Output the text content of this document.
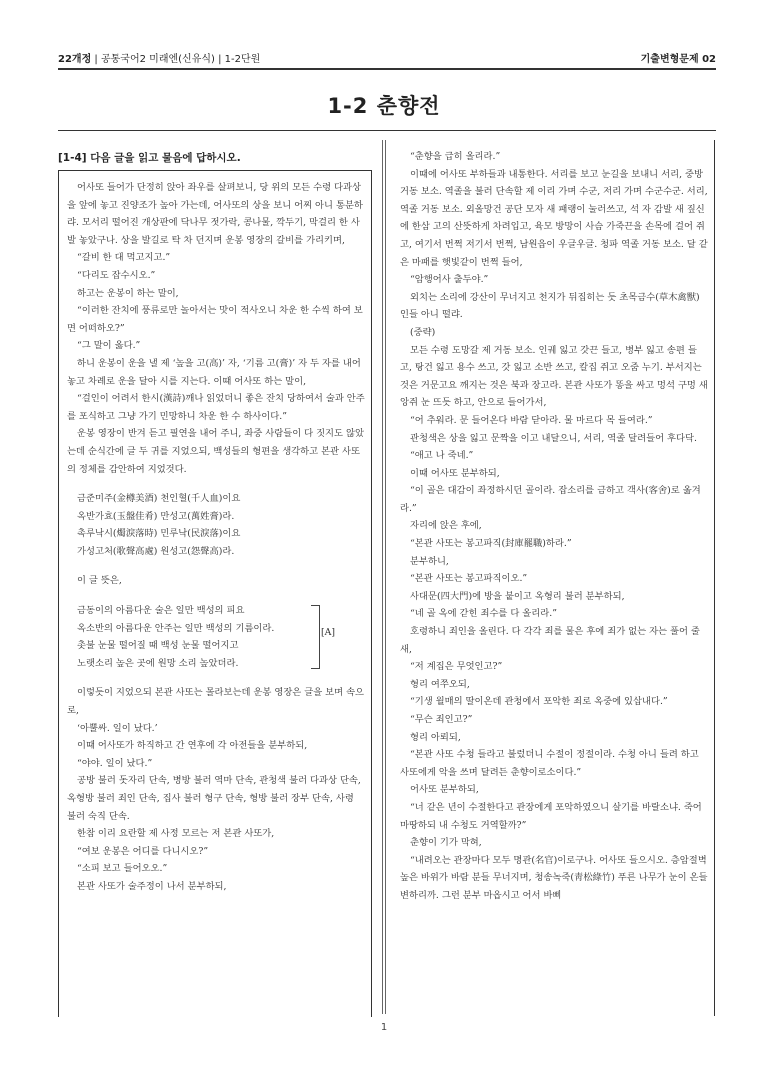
22개정 | 공통국어2 미래엔(신유식) | 1-2단원	기출변형문제 02
1-2 춘향전
[1-4] 다음 글을 읽고 물음에 답하시오.

어사또 들어가 단정히 앉아 좌우를 살펴보니, 당 위의 모든 수령 다과상을 앞에 놓고 진양조가 높아 가는데, 어사또의 상을 보니 어찌 아니 통분하랴. 모서리 떨어진 개상판에 닥나무 젓가락, 콩나물, 깍두기, 막걸리 한 사발 놓았구나. 상을 발길로 탁 차 던지며 운봉 영장의 갈비를 가리키며,

“갈비 한 대 먹고지고.”

“다리도 잡수시오.”

하고는 운봉이 하는 말이,

“이러한 잔치에 풍류로만 놀아서는 맛이 적사오니 차운 한 수씩 하여 보면 어떠하오?”

“그 말이 옳다.”

하니 운봉이 운을 낼 제 ‘높을 고(高)’ 자, ‘기름 고(膏)’ 자 두 자를 내어 놓고 차례로 운을 달아 시를 지는다. 이때 어사또 하는 말이,

“걸인이 어려서 한시(漢詩)깨나 읽었더니 좋은 잔치 당하여서 술과 안주를 포식하고 그냥 가기 민망하니 차운 한 수 하사이다.”

운봉 영장이 반겨 듣고 필연을 내어 주니, 좌중 사람들이 다 짓지도 않았는데 순식간에 글 두 귀를 지었으되, 백성들의 형편을 생각하고 본관 사또의 정체를 감안하여 지었것다.

금준미주(金樽美酒) 천인혈(千人血)이요
옥반가효(玉盤佳肴) 만성고(萬姓膏)라.
촉루낙시(燭淚落時) 민루낙(民淚落)이요
가성고처(歌聲高處) 원성고(怨聲高)라.

이 글 뜻은,

금동이의 아름다운 술은 일만 백성의 피요
옥소반의 아름다운 안주는 일만 백성의 기름이라.
촛불 눈물 떨어질 때 백성 눈물 떨어지고
노랫소리 높은 곳에 원망 소리 높았더라.
[A]

이렇듯이 지었으되 본관 사또는 몰라보는데 운봉 영장은 글을 보며 속으로,

‘아뿔싸. 일이 났다.’

이때 어사또가 하직하고 간 연후에 각 아전들을 분부하되,

“야야. 일이 났다.”

공방 불러 돗자리 단속, 병방 불러 역마 단속, 관청색 불러 다과상 단속, 옥형방 불러 죄인 단속, 집사 불러 형구 단속, 형방 불러 장부 단속, 사령 불러 숙직 단속.

한참 이리 요란할 제 사정 모르는 저 본관 사또가,

“여보 운봉은 어디를 다니시오?”

“소피 보고 들어오오.”

본관 사또가 술주정이 나서 분부하되,

“춘향을 급히 올리라.”

이때에 어사또 부하들과 내통한다. 서리를 보고 눈길을 보내니 서리, 중방 거동 보소. 역졸을 불러 단속할 제 이리 가며 수군, 저리 가며 수군수군. 서리, 역졸 거동 보소. 외올망건 공단 모자 새 패랭이 눌러쓰고, 석 자 감발 새 짚신에 한삼 고의 산뜻하게 차려입고, 육모 방망이 사슴 가죽끈을 손목에 걸어 쥐고, 여기서 번쩍 저기서 번쩍, 남원읍이 우글우글. 청파 역졸 거동 보소. 달 같은 마패를 햇빛같이 번쩍 들어,

“암행어사 출두야.”

외치는 소리에 강산이 무너지고 천지가 뒤집히는 듯 초목금수(草木禽獸)인들 아니 떨랴.

(중략)

모든 수령 도망갈 제 거동 보소. 인궤 잃고 갓끈 들고, 병부 잃고 송편 들고, 탕건 잃고 용수 쓰고, 갓 잃고 소반 쓰고, 칼집 쥐고 오줌 누기. 부서지는 것은 거문고요 깨지는 것은 북과 장고라. 본관 사또가 똥을 싸고 멍석 구멍 새앙쥐 눈 뜨듯 하고, 안으로 들어가서,

“어 추워라. 문 들어온다 바람 닫아라. 물 마르다 목 들여라.”

관청색은 상을 잃고 문짝을 이고 내달으니, 서리, 역졸 달려들어 후다닥.

“애고 나 죽네.”

이때 어사또 분부하되,

“이 골은 대감이 좌정하시던 골이라. 잡소리를 금하고 객사(客舍)로 옮겨라.”

자리에 앉은 후에,

“본관 사또는 봉고파직(封庫罷職)하라.”

분부하니,

“본관 사또는 봉고파직이오.”

사대문(四大門)에 방을 붙이고 옥형리 불러 분부하되,

“네 골 옥에 갇힌 죄수를 다 올리라.”

호령하니 죄인을 올린다. 다 각각 죄를 물은 후에 죄가 없는 자는 풀어 줄새,

“저 계집은 무엇인고?”

형리 여쭈오되,

“기생 월매의 딸이온데 관청에서 포악한 죄로 옥중에 있삽내다.”

“무슨 죄인고?”

형리 아뢰되,

“본관 사또 수청 들라고 불렀더니 수절이 정절이라. 수청 아니 들려 하고 사또에게 악을 쓰며 달려든 춘향이로소이다.”

어사또 분부하되,

“너 같은 년이 수절한다고 관장에게 포악하였으니 살기를 바랄소냐. 죽어 마땅하되 내 수청도 거역할까?”

춘향이 기가 막혀,

“내려오는 관장마다 모두 명관(名官)이로구나. 어사또 들으시오. 층암절벽 높은 바위가 바람 분들 무너지며, 청송녹죽(靑松綠竹) 푸른 나무가 눈이 온들 변하리까. 그런 분부 마옵시고 어서 바삐

1
